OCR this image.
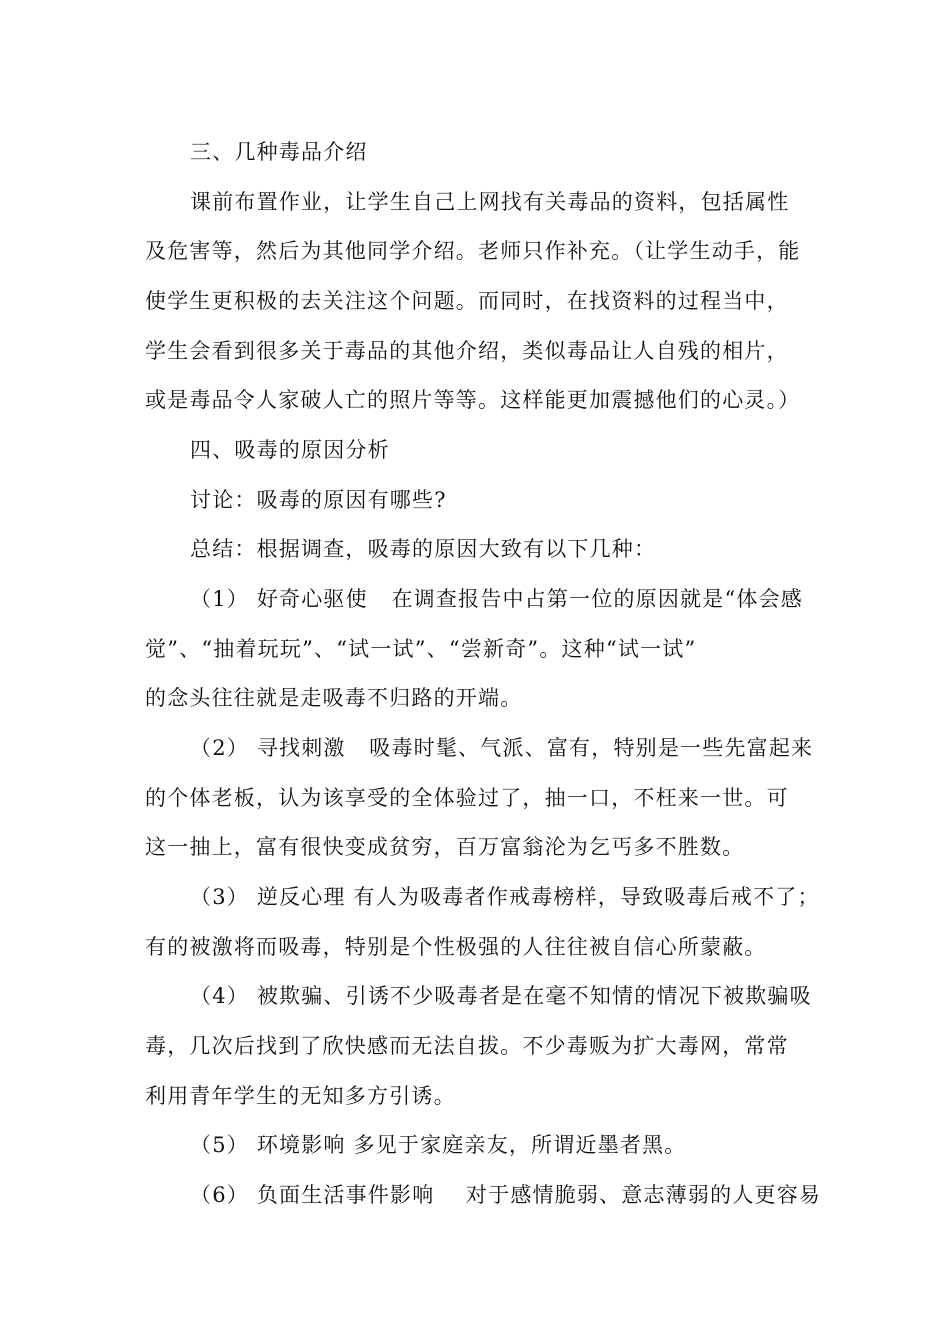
三、几种毒品介绍
课前布置作业，让学生自己上网找有关毒品的资料，包括属性
及危害等，然后为其他同学介绍。老师只作补充。（让学生动手，能
使学生更积极的去关注这个问题。而同时，在找资料的过程当中，
学生会看到很多关于毒品的其他介绍，类似毒品让人自残的相片，
或是毒品令人家破人亡的照片等等。这样能更加震撼他们的心灵。）
四、吸毒的原因分析
讨论：吸毒的原因有哪些?
总结：根据调查，吸毒的原因大致有以下几种：
（1） 好奇心驱使   在调查报告中占第一位的原因就是“体会感
觉”、“抽着玩玩”、“试一试”、“尝新奇”。这种“试一试”
的念头往往就是走吸毒不归路的开端。
（2） 寻找刺激   吸毒时髦、气派、富有，特别是一些先富起来
的个体老板，认为该享受的全体验过了，抽一口，不枉来一世。可
这一抽上，富有很快变成贫穷，百万富翁沦为乞丐多不胜数。
（3） 逆反心理 有人为吸毒者作戒毒榜样，导致吸毒后戒不了；
有的被激将而吸毒，特别是个性极强的人往往被自信心所蒙蔽。
（4） 被欺骗、引诱不少吸毒者是在毫不知情的情况下被欺骗吸
毒，几次后找到了欣快感而无法自拔。不少毒贩为扩大毒网，常常
利用青年学生的无知多方引诱。
（5） 环境影响 多见于家庭亲友，所谓近墨者黑。
（6） 负面生活事件影响    对于感情脆弱、意志薄弱的人更容易
